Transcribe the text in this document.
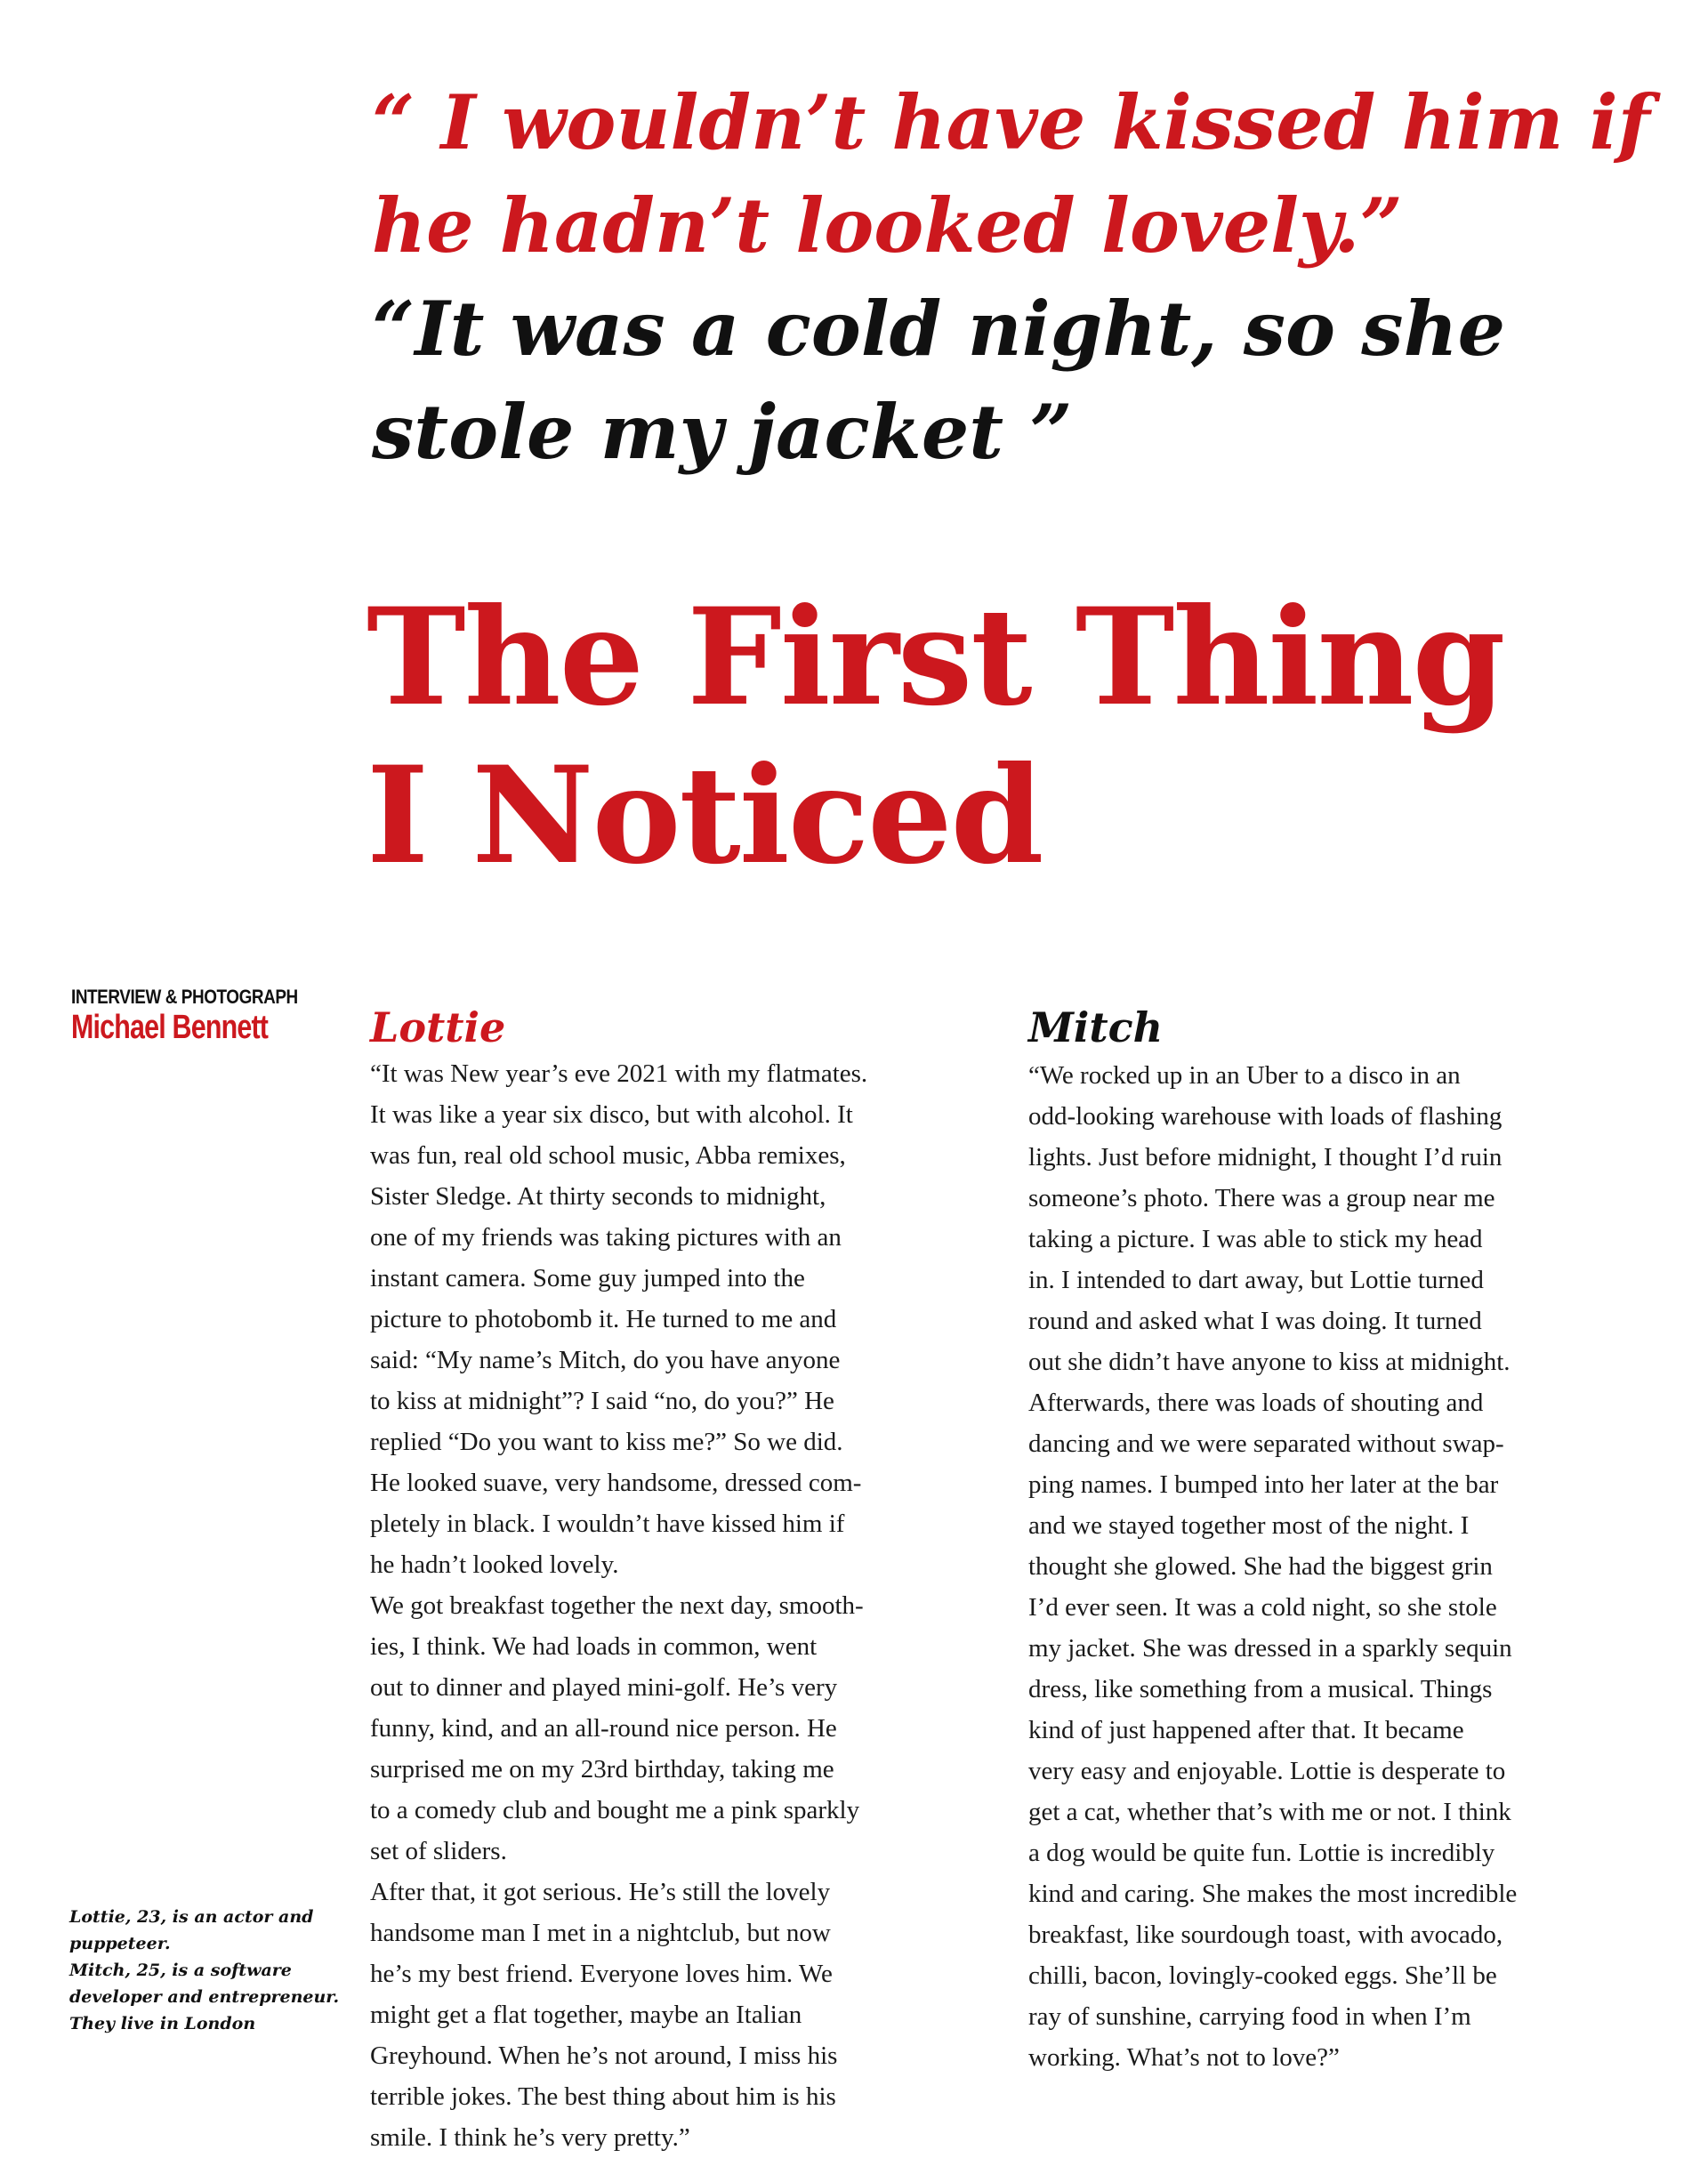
“ I wouldn’t have kissed him if he hadn’t looked lovely.”

“It was a cold night, so she stole my jacket ”

The First Thing
I Noticed
INTERVIEW & PHOTOGRAPH
Michael Bennett	Lottie

“It was New year’s eve 2021 with my flatmates.
It was like a year six disco, but with alcohol. It
was fun, real old school music, Abba remixes,
Sister Sledge. At thirty seconds to midnight,
one of my friends was taking pictures with an
instant camera. Some guy jumped into the
picture to photobomb it. He turned to me and
said: “My name’s Mitch, do you have anyone
to kiss at midnight”? I said “no, do you?” He
replied “Do you want to kiss me?” So we did.
He looked suave, very handsome, dressed com-
pletely in black. I wouldn’t have kissed him if
he hadn’t looked lovely.
We got breakfast together the next day, smooth-
ies, I think. We had loads in common, went
out to dinner and played mini-golf. He’s very
funny, kind, and an all-round nice person. He
surprised me on my 23rd birthday, taking me
to a comedy club and bought me a pink sparkly
set of sliders.
After that, it got serious. He’s still the lovely
handsome man I met in a nightclub, but now
he’s my best friend. Everyone loves him. We
might get a flat together, maybe an Italian
Greyhound. When he’s not around, I miss his
terrible jokes. The best thing about him is his
smile. I think he’s very pretty.”

Mitch

“We rocked up in an Uber to a disco in an
odd-looking warehouse with loads of flashing
lights. Just before midnight, I thought I’d ruin
someone’s photo. There was a group near me
taking a picture. I was able to stick my head
in. I intended to dart away, but Lottie turned
round and asked what I was doing. It turned
out she didn’t have anyone to kiss at midnight.
Afterwards, there was loads of shouting and
dancing and we were separated without swap-
ping names. I bumped into her later at the bar
and we stayed together most of the night. I
thought she glowed. She had the biggest grin
I’d ever seen. It was a cold night, so she stole
my jacket. She was dressed in a sparkly sequin
dress, like something from a musical. Things
kind of just happened after that. It became
very easy and enjoyable. Lottie is desperate to
get a cat, whether that’s with me or not. I think
a dog would be quite fun. Lottie is incredibly
kind and caring. She makes the most incredible
breakfast, like sourdough toast, with avocado,
chilli, bacon, lovingly-cooked eggs. She’ll be
ray of sunshine, carrying food in when I’m
working. What’s not to love?”

Lottie, 23, is an actor and
puppeteer.
Mitch, 25, is a software
developer and entrepreneur.
They live in London
